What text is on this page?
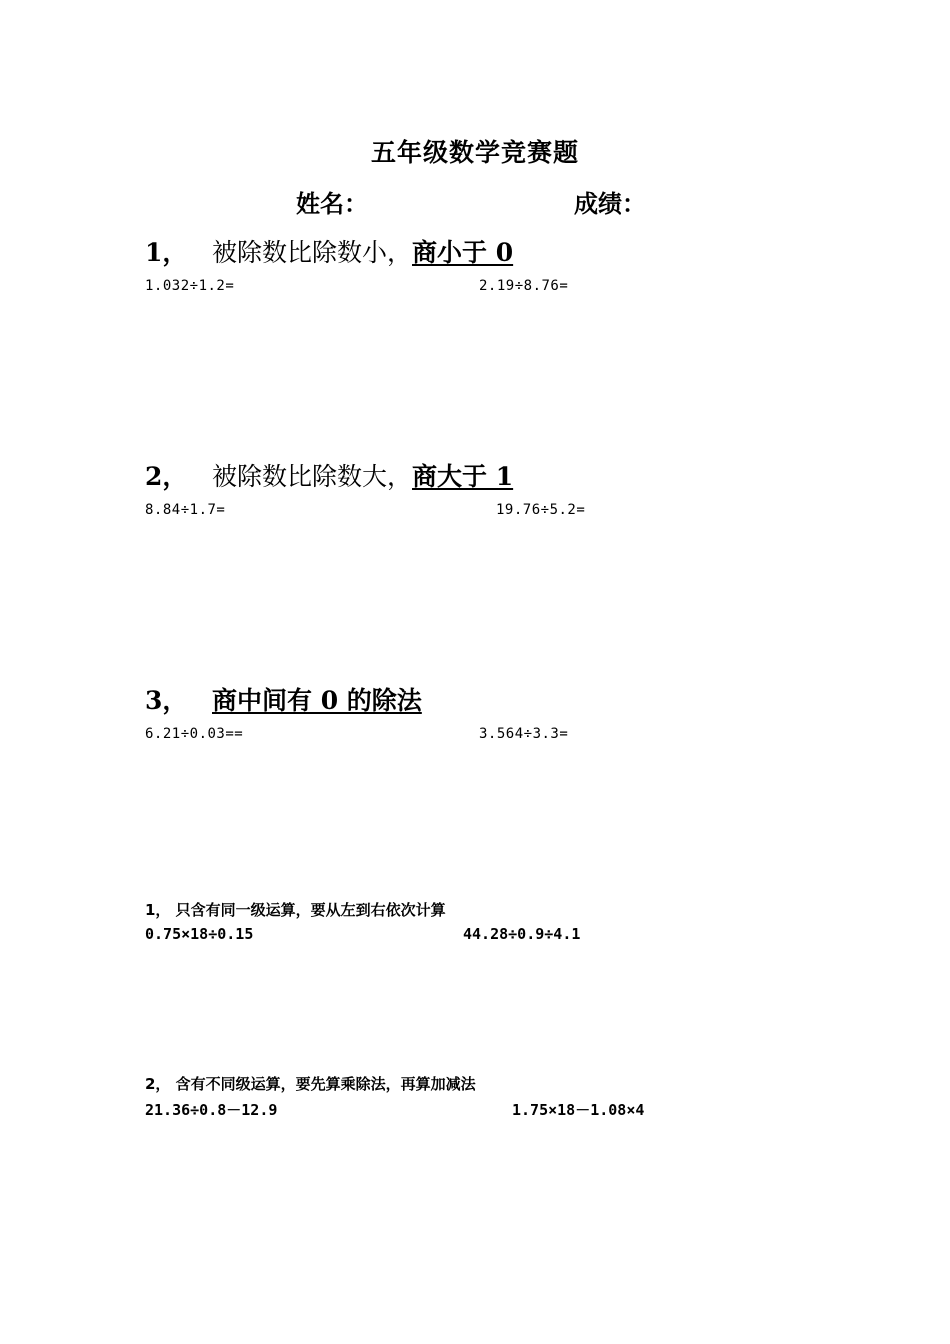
五年级数学竞赛题
姓名：	成绩：
1， 被除数比除数小，商小于 0
1.032÷1.2=	2.19÷8.76=
2， 被除数比除数大，商大于 1
8.84÷1.7=	19.76÷5.2=
3， 商中间有 0 的除法
6.21÷0.03==	3.564÷3.3=
1， 只含有同一级运算，要从左到右依次计算
0.75×18÷0.15	44.28÷0.9÷4.1
2， 含有不同级运算，要先算乘除法，再算加减法
21.36÷0.8－12.9	1.75×18－1.08×4
